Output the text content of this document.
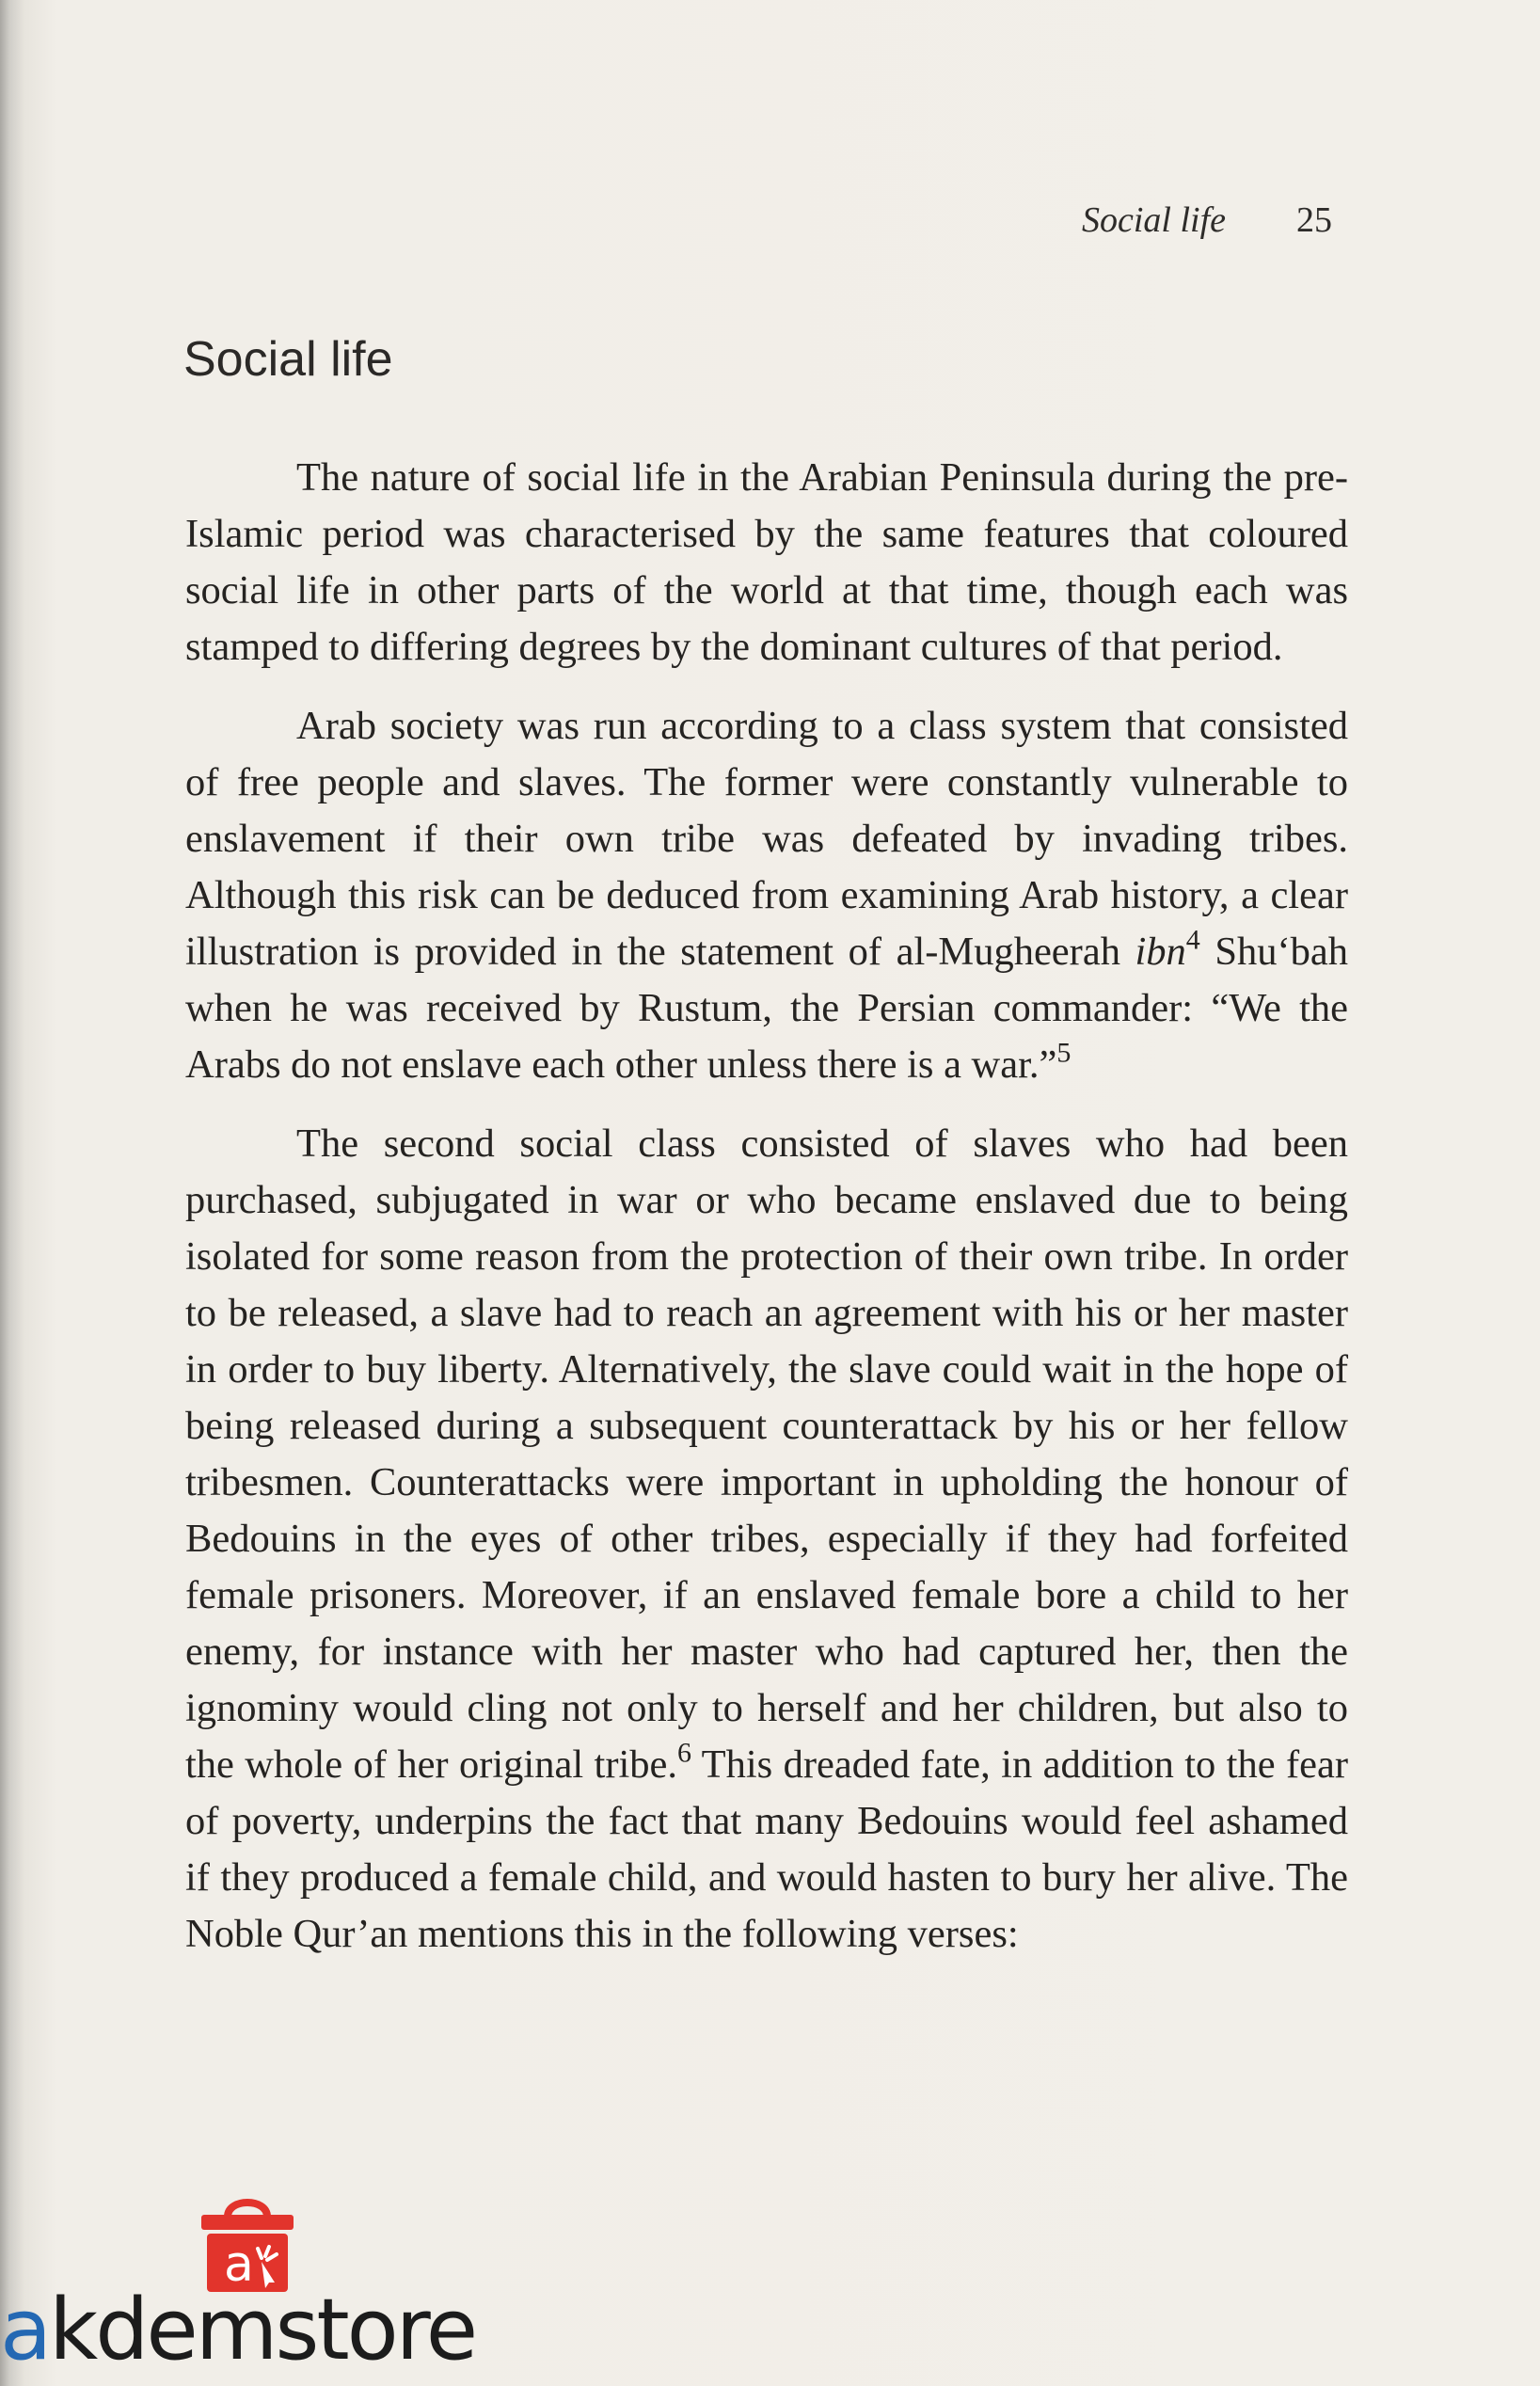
Social life 25
Social life

The nature of social life in the Arabian Peninsula during the pre-Islamic period was characterised by the same features that coloured social life in other parts of the world at that time, though each was stamped to differing degrees by the dominant cultures of that period.

Arab society was run according to a class system that consisted of free people and slaves. The former were constantly vulnerable to enslavement if their own tribe was defeated by invading tribes. Although this risk can be deduced from examining Arab history, a clear illustration is provided in the statement of al-Mugheerah ibn$^4$ Shu‘bah when he was received by Rustum, the Persian commander: “We the Arabs do not enslave each other unless there is a war.”$^5$

The second social class consisted of slaves who had been purchased, subjugated in war or who became enslaved due to being isolated for some reason from the protection of their own tribe. In order to be released, a slave had to reach an agreement with his or her master in order to buy liberty. Alternatively, the slave could wait in the hope of being released during a subsequent counterattack by his or her fellow tribesmen. Counterattacks were important in upholding the honour of Bedouins in the eyes of other tribes, especially if they had forfeited female prisoners. Moreover, if an enslaved female bore a child to her enemy, for instance with her master who had captured her, then the ignominy would cling not only to herself and her children, but also to the whole of her original tribe.$^6$ This dreaded fate, in addition to the fear of poverty, underpins the fact that many Bedouins would feel ashamed if they produced a female child, and would hasten to bury her alive. The Noble Qur’an mentions this in the following verses:

a
akdemstore
